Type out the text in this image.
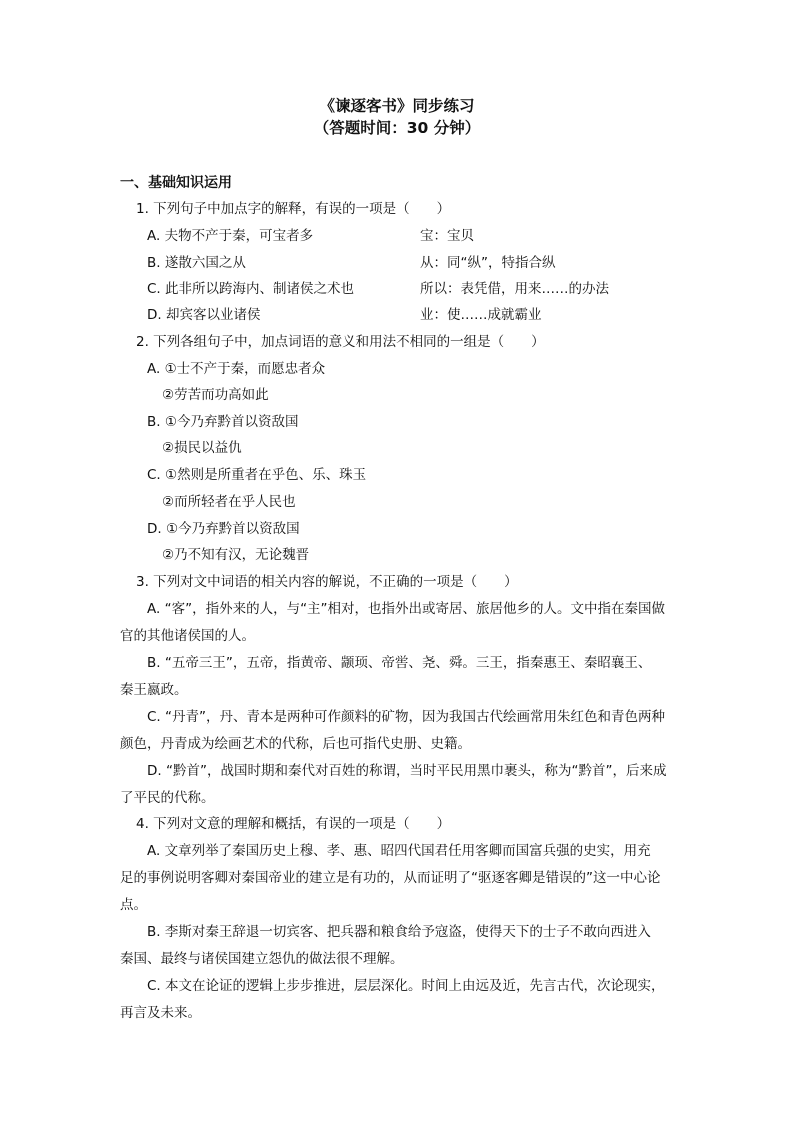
《谏逐客书》同步练习
（答题时间：30 分钟）
一、基础知识运用
1. 下列句子中加点字的解释，有误的一项是（　　）
A. 夫物不产于秦，可宝者多	宝：宝贝
B. 遂散六国之从	从：同“纵”，特指合纵
C. 此非所以跨海内、制诸侯之术也	所以：表凭借，用来……的办法
D. 却宾客以业诸侯	业：使……成就霸业
2. 下列各组句子中，加点词语的意义和用法不相同的一组是（　　）
A. ①士不产于秦，而愿忠者众
②劳苦而功高如此
B. ①今乃弃黔首以资敌国
②损民以益仇
C. ①然则是所重者在乎色、乐、珠玉
②而所轻者在乎人民也
D. ①今乃弃黔首以资敌国
②乃不知有汉，无论魏晋
3. 下列对文中词语的相关内容的解说，不正确的一项是（　　）
A. “客”，指外来的人，与“主”相对，也指外出或寄居、旅居他乡的人。文中指在秦国做
官的其他诸侯国的人。
B. “五帝三王”，五帝，指黄帝、颛顼、帝喾、尧、舜。三王，指秦惠王、秦昭襄王、
秦王嬴政。
C. “丹青”，丹、青本是两种可作颜料的矿物，因为我国古代绘画常用朱红色和青色两种
颜色，丹青成为绘画艺术的代称，后也可指代史册、史籍。
D. “黔首”，战国时期和秦代对百姓的称谓，当时平民用黑巾裹头，称为“黔首”，后来成
了平民的代称。
4. 下列对文意的理解和概括，有误的一项是（　　）
A. 文章列举了秦国历史上穆、孝、惠、昭四代国君任用客卿而国富兵强的史实，用充
足的事例说明客卿对秦国帝业的建立是有功的，从而证明了“驱逐客卿是错误的”这一中心论
点。
B. 李斯对秦王辞退一切宾客、把兵器和粮食给予寇盗，使得天下的士子不敢向西进入
秦国、最终与诸侯国建立怨仇的做法很不理解。
C. 本文在论证的逻辑上步步推进，层层深化。时间上由远及近，先言古代，次论现实，
再言及未来。
